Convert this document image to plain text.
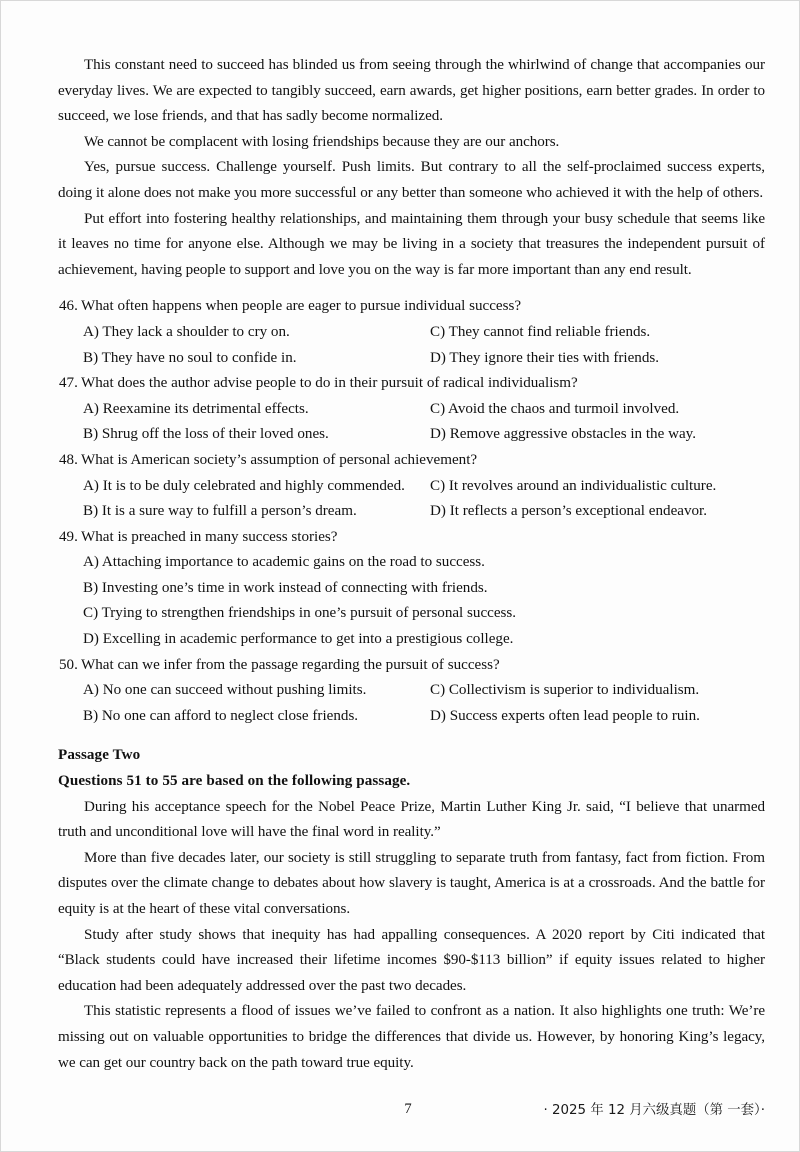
This constant need to succeed has blinded us from seeing through the whirlwind of change that accompanies our everyday lives. We are expected to tangibly succeed, earn awards, get higher positions, earn better grades. In order to succeed, we lose friends, and that has sadly become normalized.

We cannot be complacent with losing friendships because they are our anchors.

Yes, pursue success. Challenge yourself. Push limits. But contrary to all the self-proclaimed success experts, doing it alone does not make you more successful or any better than someone who achieved it with the help of others.

Put effort into fostering healthy relationships, and maintaining them through your busy schedule that seems like it leaves no time for anyone else. Although we may be living in a society that treasures the independent pursuit of achievement, having people to support and love you on the way is far more important than any end result.

46. What often happens when people are eager to pursue individual success?
A) They lack a shoulder to cry on.	C) They cannot find reliable friends.
B) They have no soul to confide in.	D) They ignore their ties with friends.
47. What does the author advise people to do in their pursuit of radical individualism?
A) Reexamine its detrimental effects.	C) Avoid the chaos and turmoil involved.
B) Shrug off the loss of their loved ones.	D) Remove aggressive obstacles in the way.
48. What is American society’s assumption of personal achievement?
A) It is to be duly celebrated and highly commended.	C) It revolves around an individualistic culture.
B) It is a sure way to fulfill a person’s dream.	D) It reflects a person’s exceptional endeavor.
49. What is preached in many success stories?
A) Attaching importance to academic gains on the road to success.
B) Investing one’s time in work instead of connecting with friends.
C) Trying to strengthen friendships in one’s pursuit of personal success.
D) Excelling in academic performance to get into a prestigious college.
50. What can we infer from the passage regarding the pursuit of success?
A) No one can succeed without pushing limits.	C) Collectivism is superior to individualism.
B) No one can afford to neglect close friends.	D) Success experts often lead people to ruin.
Passage Two
Questions 51 to 55 are based on the following passage.

During his acceptance speech for the Nobel Peace Prize, Martin Luther King Jr. said, “I believe that unarmed truth and unconditional love will have the final word in reality.”

More than five decades later, our society is still struggling to separate truth from fantasy, fact from fiction. From disputes over the climate change to debates about how slavery is taught, America is at a crossroads. And the battle for equity is at the heart of these vital conversations.

Study after study shows that inequity has had appalling consequences. A 2020 report by Citi indicated that “Black students could have increased their lifetime incomes $90-$113 billion” if equity issues related to higher education had been adequately addressed over the past two decades.

This statistic represents a flood of issues we’ve failed to confront as a nation. It also highlights one truth: We’re missing out on valuable opportunities to bridge the differences that divide us. However, by honoring King’s legacy, we can get our country back on the path toward true equity.

7	· 2025 年 12 月六级真题（第 一套）·
